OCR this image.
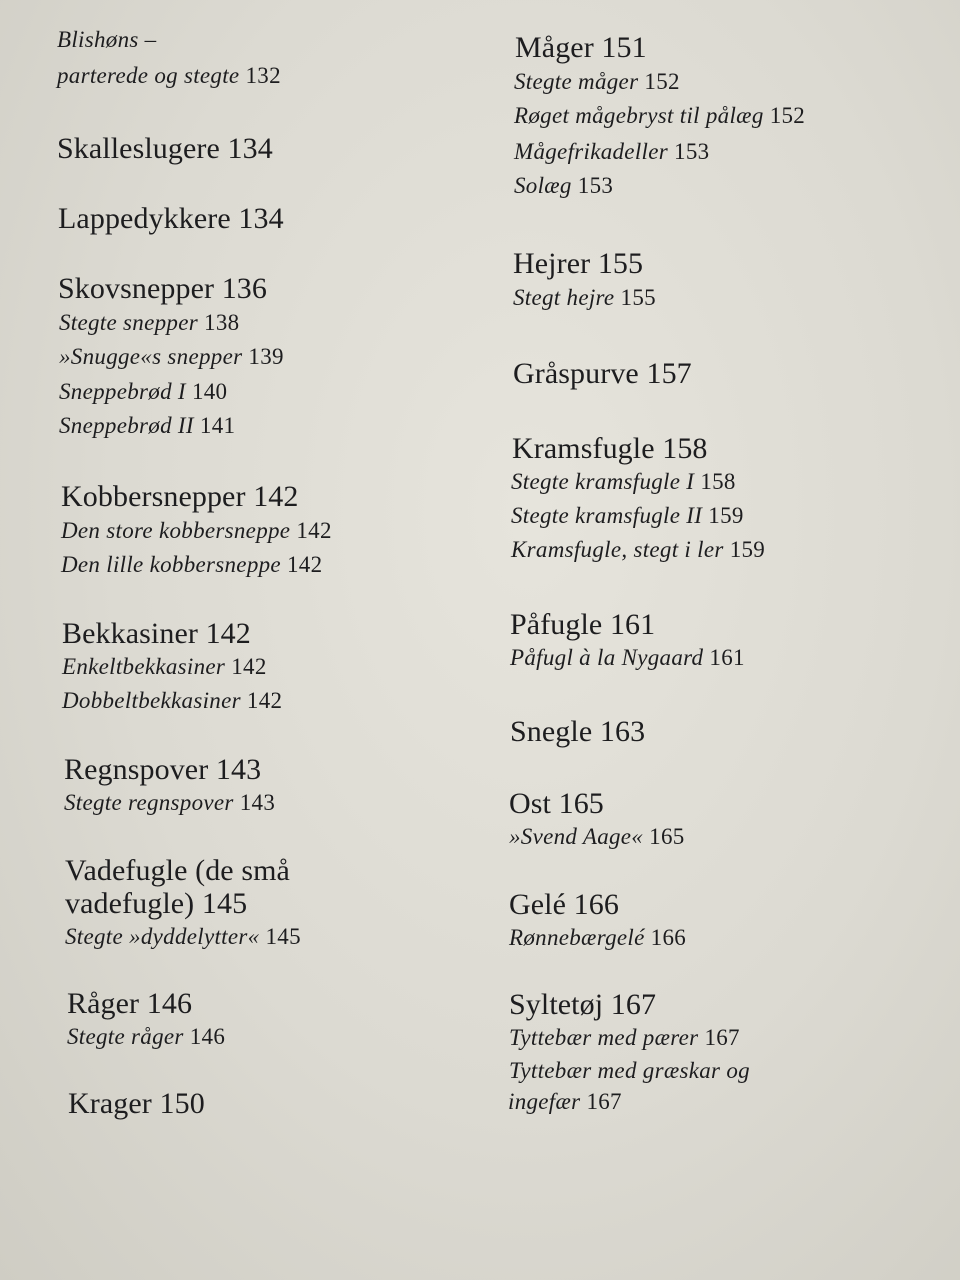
Blishøns –
parterede og stegte 132
Skalleslugere 134
Lappedykkere 134
Skovsnepper 136
Stegte snepper 138
»Snugge«s snepper 139
Sneppebrød I 140
Sneppebrød II 141
Kobbersnepper 142
Den store kobbersneppe 142
Den lille kobbersneppe 142
Bekkasiner 142
Enkeltbekkasiner 142
Dobbeltbekkasiner 142
Regnspover 143
Stegte regnspover 143
Vadefugle (de små
vadefugle) 145
Stegte »dyddelytter« 145
Råger 146
Stegte råger 146
Krager 150
Måger 151
Stegte måger 152
Røget mågebryst til pålæg 152
Mågefrikadeller 153
Solæg 153
Hejrer 155
Stegt hejre 155
Gråspurve 157
Kramsfugle 158
Stegte kramsfugle I 158
Stegte kramsfugle II 159
Kramsfugle, stegt i ler 159
Påfugle 161
Påfugl à la Nygaard 161
Snegle 163
Ost 165
»Svend Aage« 165
Gelé 166
Rønnebærgelé 166
Syltetøj 167
Tyttebær med pærer 167
Tyttebær med græskar og
ingefær 167
